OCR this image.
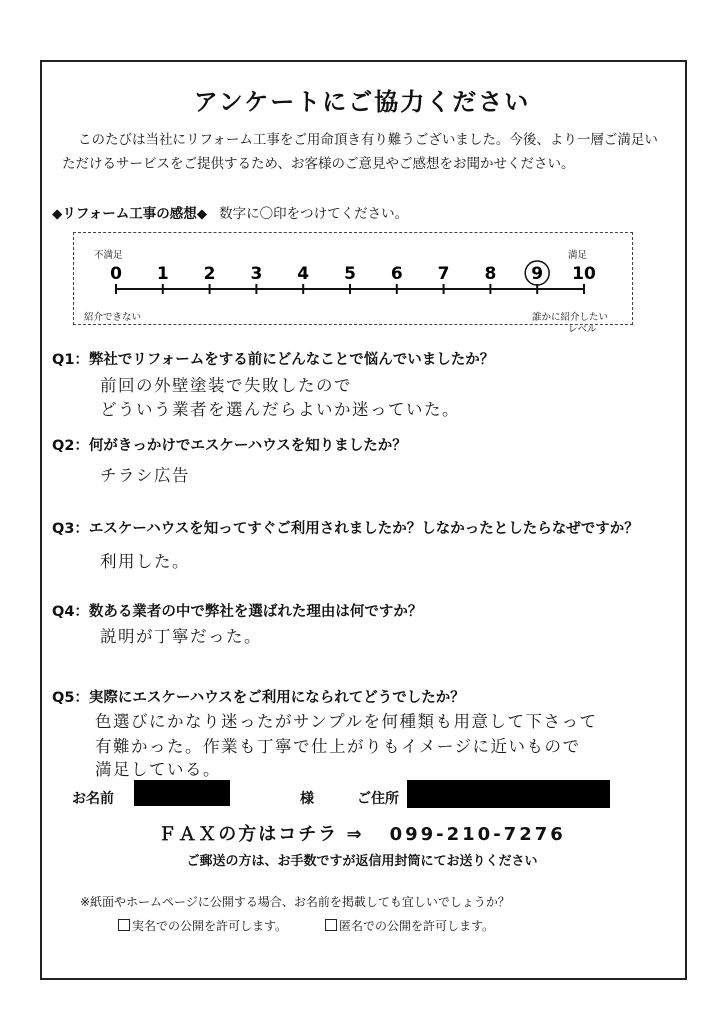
アンケートにご協力ください
このたびは当社にリフォーム工事をご用命頂き有り難うございました。今後、より一層ご満足い
ただけるサービスをご提供するため、お客様のご意見やご感想をお聞かせください。
◆リフォーム工事の感想◆ 数字に〇印をつけてください。
不満足
紹介できない
満足
誰かに紹介したい
レベル
0 1 2 3 4 5 6 7 8 9 10
Q1：弊社でリフォームをする前にどんなことで悩んでいましたか？
前回の外壁塗装で失敗したので
どういう業者を選んだらよいか迷っていた。
Q2：何がきっかけでエスケーハウスを知りましたか？
チラシ広告
Q3：エスケーハウスを知ってすぐご利用されましたか？しなかったとしたらなぜですか？
利用した。
Q4：数ある業者の中で弊社を選ばれた理由は何ですか？
説明が丁寧だった。
Q5：実際にエスケーハウスをご利用になられてどうでしたか？
色選びにかなり迷ったがサンプルを何種類も用意して下さって
有難かった。作業も丁寧で仕上がりもイメージに近いもので
満足している。
お名前	様	ご住所
ＦＡＸの方はコチラ ⇒ 099-210-7276
ご郵送の方は、お手数ですが返信用封筒にてお送りください
※紙面やホームページに公開する場合、お名前を掲載しても宜しいでしょうか？
実名での公開を許可します。	匿名での公開を許可します。
